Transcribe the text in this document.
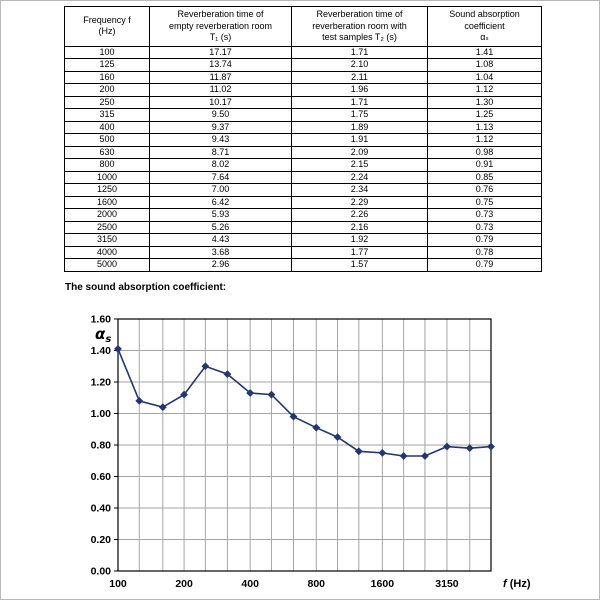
Frequency f
(Hz)

Reverberation time of
empty reverberation room
T₁ (s)

Reverberation time of
reverberation room with
test samples T₂ (s)

Sound absorption
coefficient
αₛ

100	17.17	1.71	1.41
125	13.74	2.10	1.08
160	11.87	2.11	1.04
200	11.02	1.96	1.12
250	10.17	1.71	1.30
315	9.50	1.75	1.25
400	9.37	1.89	1.13
500	9.43	1.91	1.12
630	8.71	2.09	0.98
800	8.02	2.15	0.91
1000	7.64	2.24	0.85
1250	7.00	2.34	0.76
1600	6.42	2.29	0.75
2000	5.93	2.26	0.73
2500	5.26	2.16	0.73
3150	4.43	1.92	0.79
4000	3.68	1.77	0.78
5000	2.96	1.57	0.79
The sound absorption coefficient:
0.00
0.20
0.40
0.60
0.80
1.00
1.20
1.40
1.60
100	200	400	800	1600	3150	f (Hz)
$\alpha_s$
